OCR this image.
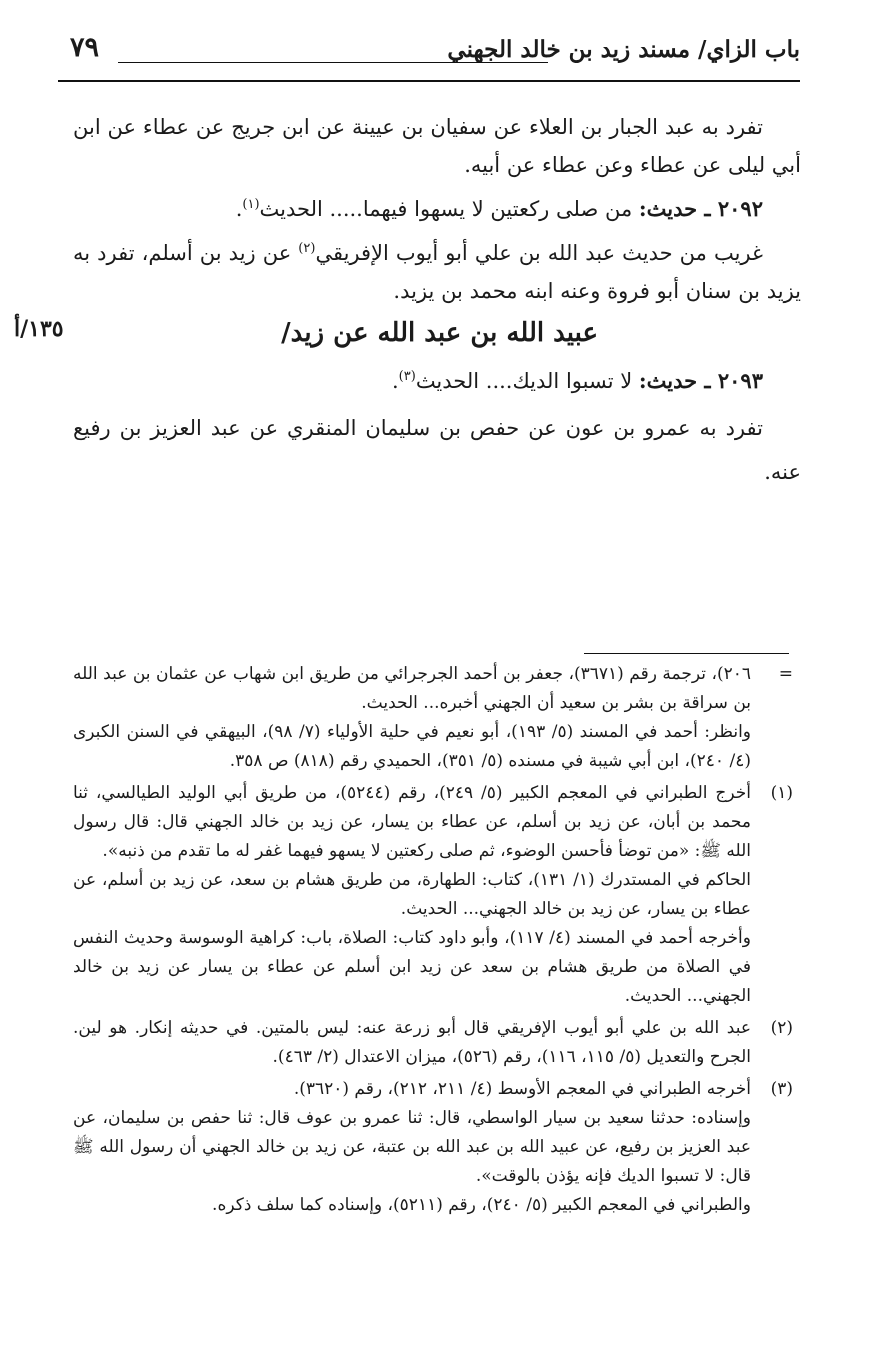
باب الزاي/ مسند زيد بن خالد الجهني
٧٩

تفرد به عبد الجبار بن العلاء عن سفيان بن عيينة عن ابن جريج عن عطاء عن ابن أبي ليلى عن عطاء وعن عطاء عن أبيه.

٢٠٩٢ ـ حديث: من صلى ركعتين لا يسهوا فيهما..... الحديث$^{(١)}$.

غريب من حديث عبد الله بن علي أبو أيوب الإفريقي$^{(٢)}$ عن زيد بن أسلم، تفرد به يزيد بن سنان أبو فروة وعنه ابنه محمد بن يزيد.

عبيد الله بن عبد الله عن زيد/
١٣٥/أ

٢٠٩٣ ـ حديث: لا تسبوا الديك.... الحديث$^{(٣)}$.

تفرد به عمرو بن عون عن حفص بن سليمان المنقري عن عبد العزيز بن رفيع عنه.

=

٢٠٦)، ترجمة رقم (٣٦٧١)، جعفر بن أحمد الجرجرائي من طريق ابن شهاب عن عثمان بن عبد الله بن سراقة بن بشر بن سعيد أن الجهني أخبره... الحديث.

وانظر: أحمد في المسند (٥/ ١٩٣)، أبو نعيم في حلية الأولياء (٧/ ٩٨)، البيهقي في السنن الكبرى (٤/ ٢٤٠)، ابن أبي شيبة في مسنده (٥/ ٣٥١)، الحميدي رقم (٨١٨) ص ٣٥٨.

(١)

أخرج الطبراني في المعجم الكبير (٥/ ٢٤٩)، رقم (٥٢٤٤)، من طريق أبي الوليد الطيالسي، ثنا محمد بن أبان، عن زيد بن أسلم، عن عطاء بن يسار، عن زيد بن خالد الجهني قال: قال رسول الله ﷺ: «من توضأ فأحسن الوضوء، ثم صلى ركعتين لا يسهو فيهما غفر له ما تقدم من ذنبه».

الحاكم في المستدرك (١/ ١٣١)، كتاب: الطهارة، من طريق هشام بن سعد، عن زيد بن أسلم، عن عطاء بن يسار، عن زيد بن خالد الجهني... الحديث.

وأخرجه أحمد في المسند (٤/ ١١٧)، وأبو داود كتاب: الصلاة، باب: كراهية الوسوسة وحديث النفس في الصلاة من طريق هشام بن سعد عن زيد ابن أسلم عن عطاء بن يسار عن زيد بن خالد الجهني... الحديث.

(٢)

عبد الله بن علي أبو أيوب الإفريقي قال أبو زرعة عنه: ليس بالمتين. في حديثه إنكار. هو لين. الجرح والتعديل (٥/ ١١٥، ١١٦)، رقم (٥٢٦)، ميزان الاعتدال (٢/ ٤٦٣).

(٣)

أخرجه الطبراني في المعجم الأوسط (٤/ ٢١١، ٢١٢)، رقم (٣٦٢٠).

وإسناده: حدثنا سعيد بن سيار الواسطي، قال: ثنا عمرو بن عوف قال: ثنا حفص بن سليمان، عن عبد العزيز بن رفيع، عن عبيد الله بن عبد الله بن عتبة، عن زيد بن خالد الجهني أن رسول الله ﷺ قال: لا تسبوا الديك فإنه يؤذن بالوقت».

والطبراني في المعجم الكبير (٥/ ٢٤٠)، رقم (٥٢١١)، وإسناده كما سلف ذكره.
